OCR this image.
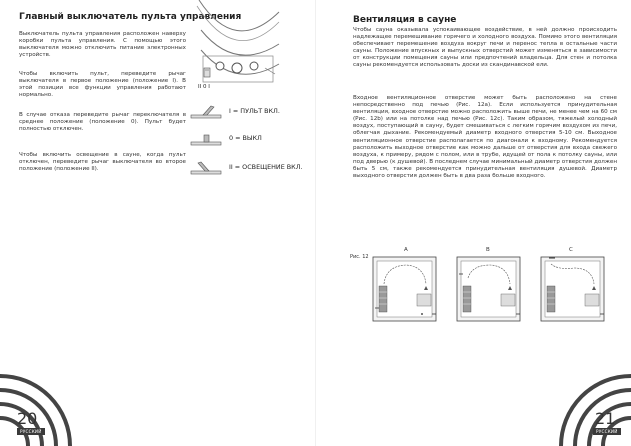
Главный выключатель пульта управления

Выключатель пульта управления расположен наверху коробки пульта управления. С помощью этого выключателя можно отключить питание электронных устройств.

Чтобы включить пульт, переведите рычаг выключателя в первое положение (положение I). В этой позиции все функции управления работают нормально.

В случае отказа переведите рычаг переключателя в среднее положение (положение 0). Пульт будет полностью отключен.

Чтобы включить освещение в сауне, когда пульт отключен, переведите рычаг выключателя во второе положение (положение II).

II 0 I
I = ПУЛЬТ ВКЛ.
0 = ВЫКЛ
II = ОСВЕЩЕНИЕ ВКЛ.
20
РУССКИЙ
Вентиляция в сауне

Чтобы сауна оказывала успокаивающее воздействие, в ней должно происходить надлежащее перемешивание горячего и холодного воздуха. Помимо этого вентиляция обеспечивает перемешение воздуха вокруг печи и перенос тепла в остальные части сауны. Положение впускных и выпускных отверстий может изменяться в зависимости от конструкции помещения сауны или предпочтений владельца. Для стен и потолка сауны рекомендуется использовать доски из скандинавской ели.

Входное вентиляционное отверстие может быть расположено на стене непосредственно под печью (Рис. 12а). Если используется принудительная вентиляция, входное отверстие можно расположить выше печи, не менее чем на 60 см (Рис. 12b) или на потолке над печью (Рис. 12с). Таким образом, тяжелый холодный воздух, поступающий в сауну, будет смешиваться с легким горячим воздухом из печи, облегчая дыхание. Рекомендуемый диаметр входного отверстия 5-10 см. Выходное вентиляционное отверстие располагается по диагонали к входному. Рекомендуется расположить выходное отверстие как можно дальше от отверстия для входа свежего воздуха, к примеру, рядом с полом, или в трубе, идущей от пола к потолку сауны, или под дверью (к душевой). В последнем случае минимальный диаметр отверстия должен быть 5 см, также рекомендуется принудительная вентиляция душевой. Диаметр выходного отверстия должен быть в два раза больше входного.

Рис. 12
A	B	C
21
РУССКИЙ
